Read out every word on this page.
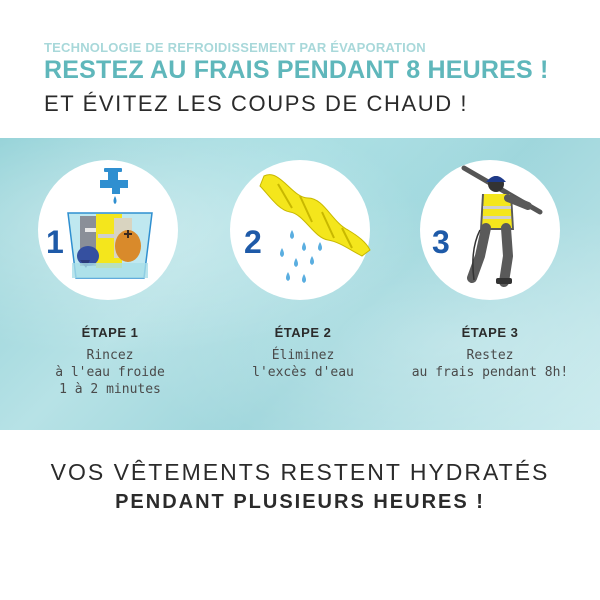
TECHNOLOGIE DE REFROIDISSEMENT PAR ÉVAPORATION
RESTEZ AU FRAIS PENDANT 8 HEURES !
ET ÉVITEZ LES COUPS DE CHAUD !
1
ÉTAPE 1
Rincez
à l'eau froide
1 à 2 minutes
2
ÉTAPE 2
Éliminez
l'excès d'eau
3
ÉTAPE 3
Restez
au frais pendant 8h!
VOS VÊTEMENTS RESTENT HYDRATÉS
PENDANT PLUSIEURS HEURES !
